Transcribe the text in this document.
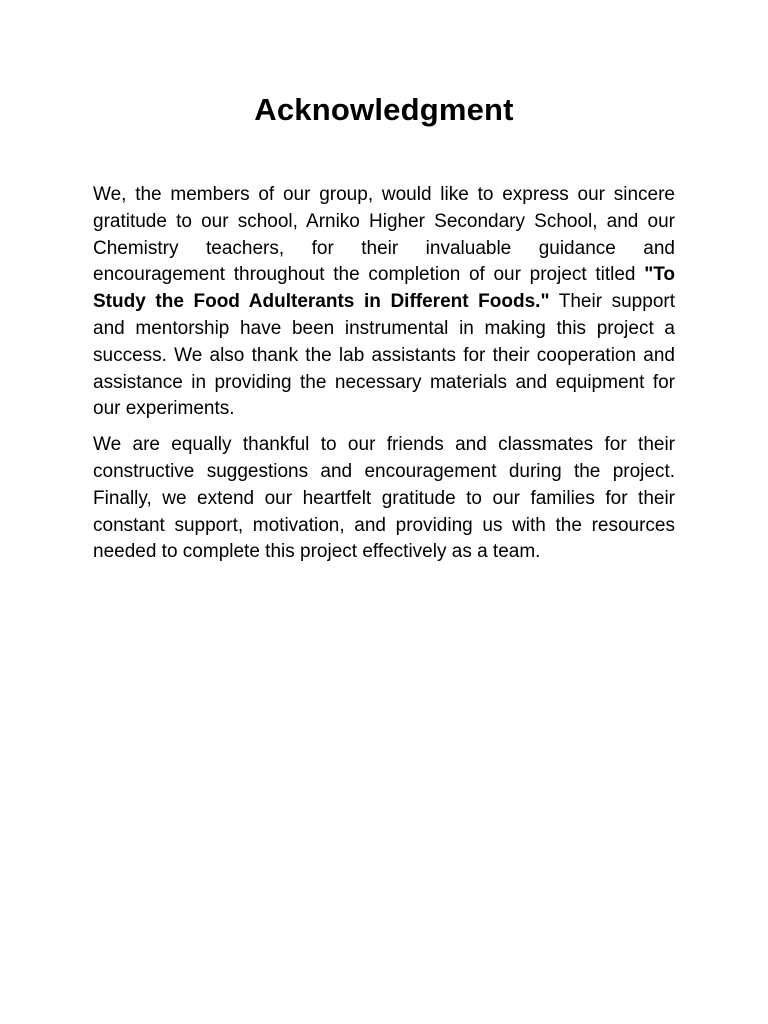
Acknowledgment

We, the members of our group, would like to express our sincere gratitude to our school, Arniko Higher Secondary School, and our Chemistry teachers, for their invaluable guidance and encouragement throughout the completion of our project titled "To Study the Food Adulterants in Different Foods." Their support and mentorship have been instrumental in making this project a success. We also thank the lab assistants for their cooperation and assistance in providing the necessary materials and equipment for our experiments.

We are equally thankful to our friends and classmates for their constructive suggestions and encouragement during the project. Finally, we extend our heartfelt gratitude to our families for their constant support, motivation, and providing us with the resources needed to complete this project effectively as a team.
